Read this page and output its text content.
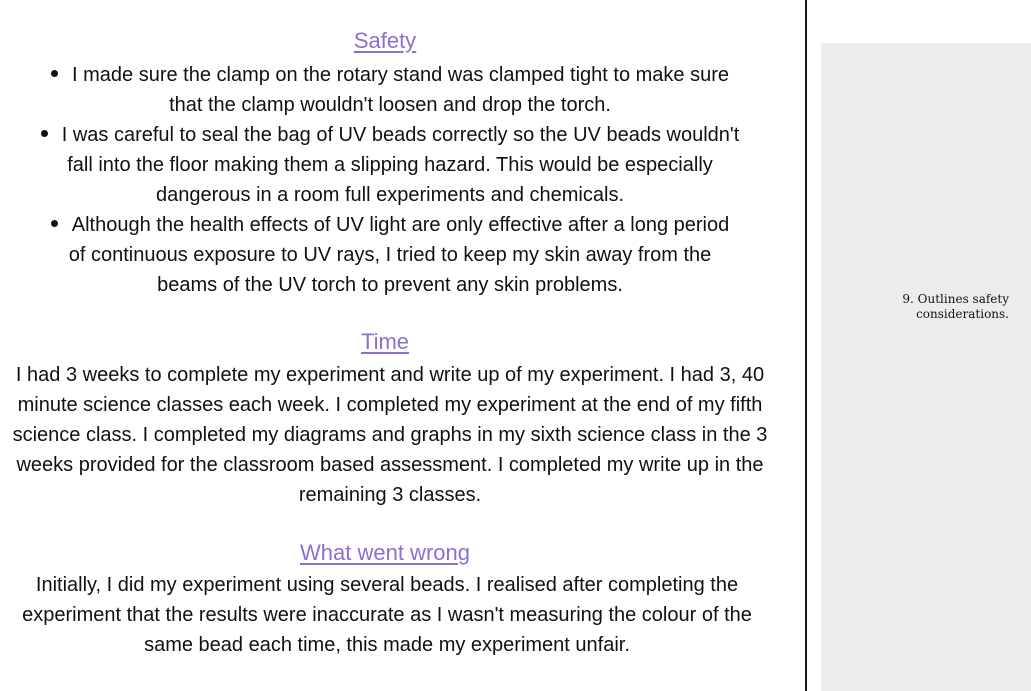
Safety
I made sure the clamp on the rotary stand was clamped tight to make sure that the clamp wouldn't loosen and drop the torch.
I was careful to seal the bag of UV beads correctly so the UV beads wouldn't fall into the floor making them a slipping hazard. This would be especially dangerous in a room full experiments and chemicals.
Although the health effects of UV light are only effective after a long period of continuous exposure to UV rays, I tried to keep my skin away from the beams of the UV torch to prevent any skin problems.
Time

I had 3 weeks to complete my experiment and write up of my experiment. I had 3, 40 minute science classes each week. I completed my experiment at the end of my fifth science class. I completed my diagrams and graphs in my sixth science class in the 3 weeks provided for the classroom based assessment. I completed my write up in the remaining 3 classes.

What went wrong

Initially, I did my experiment using several beads. I realised after completing the experiment that the results were inaccurate as I wasn't measuring the colour of the same bead each time, this made my experiment unfair.

9. Outlines safety considerations.
